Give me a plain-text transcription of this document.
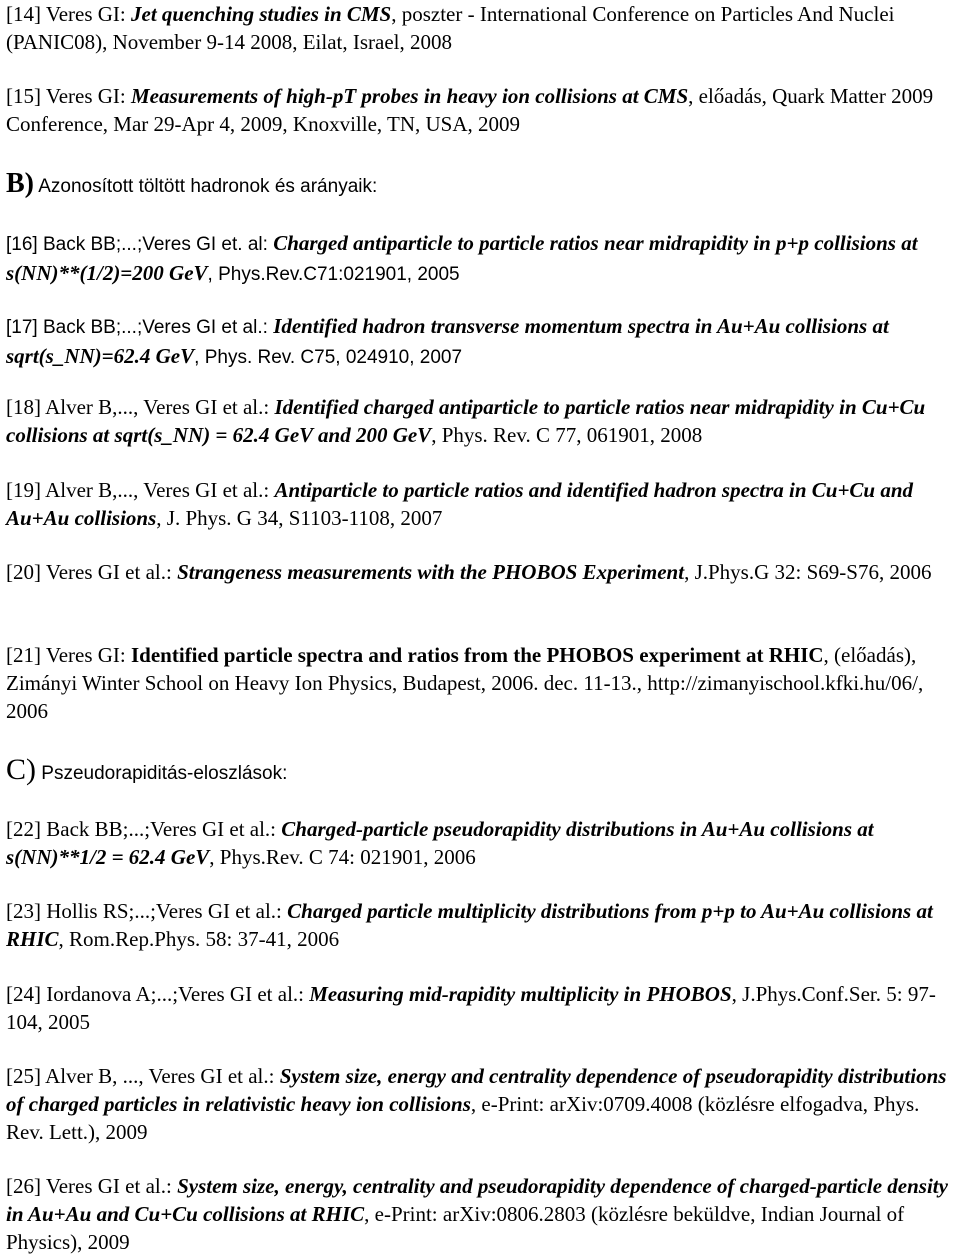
[14] Veres GI: Jet quenching studies in CMS, poszter - International Conference on Particles And Nuclei (PANIC08), November 9-14 2008, Eilat, Israel, 2008

[15] Veres GI: Measurements of high-pT probes in heavy ion collisions at CMS, előadás, Quark Matter 2009 Conference, Mar 29-Apr 4, 2009, Knoxville, TN, USA, 2009

B) Azonosított töltött hadronok és arányaik:

[16] Back BB;...;Veres GI et. al: Charged antiparticle to particle ratios near midrapidity in p+p collisions at s(NN)**(1/2)=200 GeV, Phys.Rev.C71:021901, 2005

[17] Back BB;...;Veres GI et al.: Identified hadron transverse momentum spectra in Au+Au collisions at sqrt(s_NN)=62.4 GeV, Phys. Rev. C75, 024910, 2007

[18] Alver B,..., Veres GI et al.: Identified charged antiparticle to particle ratios near midrapidity in Cu+Cu collisions at sqrt(s_NN) = 62.4 GeV and 200 GeV, Phys. Rev. C 77, 061901, 2008

[19] Alver B,..., Veres GI et al.: Antiparticle to particle ratios and identified hadron spectra in Cu+Cu and Au+Au collisions, J. Phys. G 34, S1103-1108, 2007

[20] Veres GI et al.: Strangeness measurements with the PHOBOS Experiment, J.Phys.G 32: S69-S76, 2006

[21] Veres GI: Identified particle spectra and ratios from the PHOBOS experiment at RHIC, (előadás), Zimányi Winter School on Heavy Ion Physics, Budapest, 2006. dec. 11-13., http://zimanyischool.kfki.hu/06/, 2006

C) Pszeudorapiditás-eloszlások:

[22] Back BB;...;Veres GI et al.: Charged-particle pseudorapidity distributions in Au+Au collisions at s(NN)**1/2 = 62.4 GeV, Phys.Rev. C 74: 021901, 2006

[23] Hollis RS;...;Veres GI et al.: Charged particle multiplicity distributions from p+p to Au+Au collisions at RHIC, Rom.Rep.Phys. 58: 37-41, 2006

[24] Iordanova A;...;Veres GI et al.: Measuring mid-rapidity multiplicity in PHOBOS, J.Phys.Conf.Ser. 5: 97-104, 2005

[25] Alver B, ..., Veres GI et al.: System size, energy and centrality dependence of pseudorapidity distributions of charged particles in relativistic heavy ion collisions, e-Print: arXiv:0709.4008 (közlésre elfogadva, Phys. Rev. Lett.), 2009

[26] Veres GI et al.: System size, energy, centrality and pseudorapidity dependence of charged-particle density in Au+Au and Cu+Cu collisions at RHIC, e-Print: arXiv:0806.2803 (közlésre beküldve, Indian Journal of Physics), 2009
